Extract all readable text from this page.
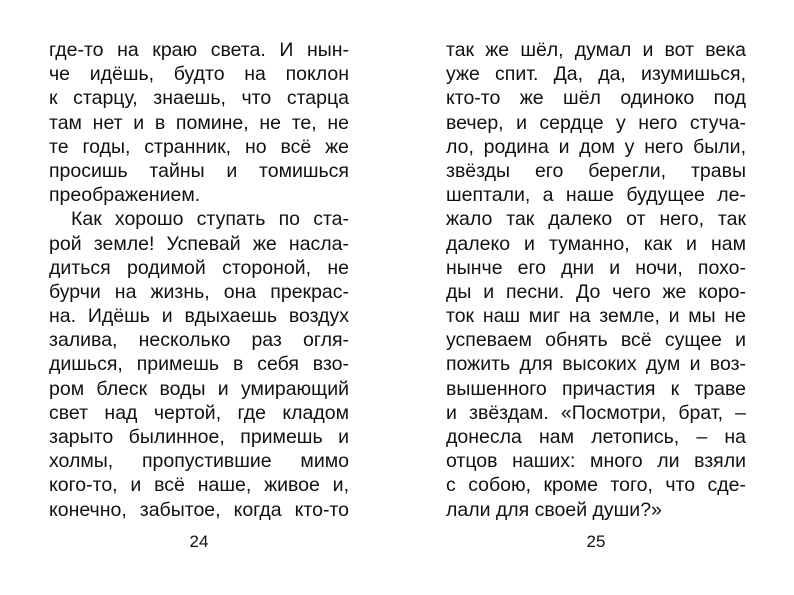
где-то на краю света. И нын-
че идёшь, будто на поклон
к старцу, знаешь, что старца
там нет и в помине, не те, не
те годы, странник, но всё же
просишь тайны и томишься
преображением.
Как хорошо ступать по ста-
рой земле! Успевай же насла-
диться родимой стороной, не
бурчи на жизнь, она прекрас-
на. Идёшь и вдыхаешь воздух
залива, несколько раз огля-
дишься, примешь в себя взо-
ром блеск воды и умирающий
свет над чертой, где кладом
зарыто былинное, примешь и
холмы, пропустившие мимо
кого-то, и всё наше, живое и,
конечно, забытое, когда кто-то
так же шёл, думал и вот века
уже спит. Да, да, изумишься,
кто-то же шёл одиноко под
вечер, и сердце у него стуча-
ло, родина и дом у него были,
звёзды его берегли, травы
шептали, а наше будущее ле-
жало так далеко от него, так
далеко и туманно, как и нам
нынче его дни и ночи, похо-
ды и песни. До чего же коро-
ток наш миг на земле, и мы не
успеваем обнять всё сущее и
пожить для высоких дум и воз-
вышенного причастия к траве
и звёздам. «Посмотри, брат, –
донесла нам летопись, – на
отцов наших: много ли взяли
с собою, кроме того, что сде-
лали для своей души?»
24	25
